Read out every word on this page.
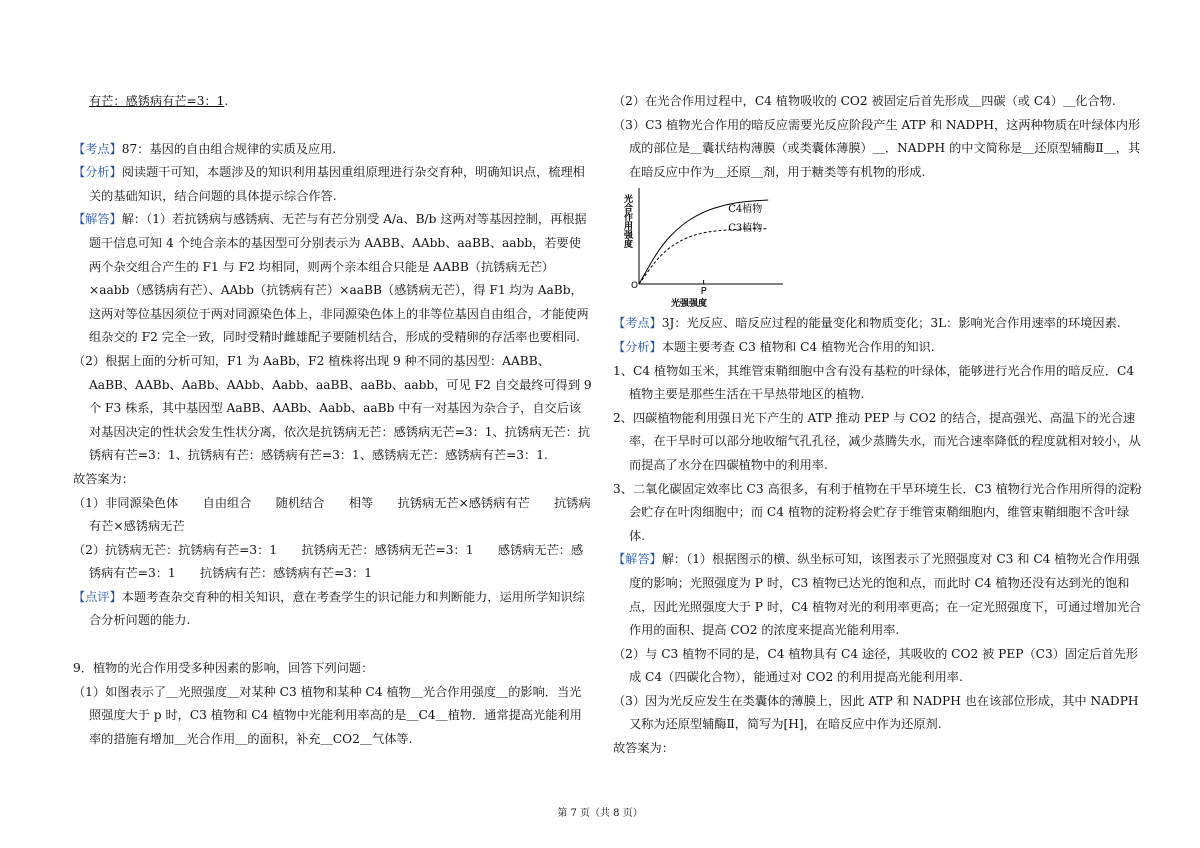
有芒：感锈病有芒=3：1.

【考点】87：基因的自由组合规律的实质及应用.

【分析】阅读题干可知，本题涉及的知识利用基因重组原理进行杂交育种，明确知识点，梳理相关的基础知识，结合问题的具体提示综合作答.

【解答】解：（1）若抗锈病与感锈病、无芒与有芒分别受 A/a、B/b 这两对等基因控制，再根据题干信息可知 4 个纯合亲本的基因型可分别表示为 AABB、AAbb、aaBB、aabb，若要使两个杂交组合产生的 F1 与 F2 均相同，则两个亲本组合只能是 AABB（抗锈病无芒）×aabb（感锈病有芒）、AAbb（抗锈病有芒）×aaBB（感锈病无芒），得 F1 均为 AaBb，这两对等位基因须位于两对同源染色体上，非同源染色体上的非等位基因自由组合，才能使两组杂交的 F2 完全一致，同时受精时雌雄配子要随机结合，形成的受精卵的存活率也要相同.

（2）根据上面的分析可知，F1 为 AaBb，F2 植株将出现 9 种不同的基因型：AABB、AaBB、AABb、AaBb、AAbb、Aabb、aaBB、aaBb、aabb，可见 F2 自交最终可得到 9 个 F3 株系，其中基因型 AaBB、AABb、Aabb、aaBb 中有一对基因为杂合子，自交后该对基因决定的性状会发生性状分离，依次是抗锈病无芒：感锈病无芒=3：1、抗锈病无芒：抗锈病有芒=3：1、抗锈病有芒：感锈病有芒=3：1、感锈病无芒：感锈病有芒=3：1.

故答案为：

（1）非同源染色体　　自由组合　　随机结合　　相等　　抗锈病无芒×感锈病有芒　　抗锈病有芒×感锈病无芒

（2）抗锈病无芒：抗锈病有芒=3：1　　抗锈病无芒：感锈病无芒=3：1　　感锈病无芒：感锈病有芒=3：1　　抗锈病有芒：感锈病有芒=3：1

【点评】本题考查杂交育种的相关知识，意在考查学生的识记能力和判断能力，运用所学知识综合分析问题的能力.

9．植物的光合作用受多种因素的影响，回答下列问题：

（1）如图表示了＿光照强度＿对某种 C3 植物和某种 C4 植物＿光合作用强度＿的影响．当光照强度大于 p 时，C3 植物和 C4 植物中光能利用率高的是＿C4＿植物．通常提高光能利用率的措施有增加＿光合作用＿的面积，补充＿CO2＿气体等.

（2）在光合作用过程中，C4 植物吸收的 CO2 被固定后首先形成＿四碳（或 C4）＿化合物.

（3）C3 植物光合作用的暗反应需要光反应阶段产生 ATP 和 NADPH，这两种物质在叶绿体内形成的部位是＿囊状结构薄膜（或类囊体薄膜）＿．NADPH 的中文简称是＿还原型辅酶Ⅱ＿，其在暗反应中作为＿还原＿剂，用于糖类等有机物的形成.

P
O
光强强度
光合作用强度	C4植物
C3植物

【考点】3J：光反应、暗反应过程的能量变化和物质变化；3L：影响光合作用速率的环境因素.

【分析】本题主要考查 C3 植物和 C4 植物光合作用的知识.

1、C4 植物如玉米，其维管束鞘细胞中含有没有基粒的叶绿体，能够进行光合作用的暗反应．C4 植物主要是那些生活在干旱热带地区的植物.

2、四碳植物能利用强日光下产生的 ATP 推动 PEP 与 CO2 的结合，提高强光、高温下的光合速率，在干旱时可以部分地收缩气孔孔径，减少蒸腾失水，而光合速率降低的程度就相对较小，从而提高了水分在四碳植物中的利用率.

3、二氧化碳固定效率比 C3 高很多，有利于植物在干旱环境生长．C3 植物行光合作用所得的淀粉会贮存在叶肉细胞中；而 C4 植物的淀粉将会贮存于维管束鞘细胞内，维管束鞘细胞不含叶绿体.

【解答】解：（1）根据图示的横、纵坐标可知，该图表示了光照强度对 C3 和 C4 植物光合作用强度的影响；光照强度为 P 时，C3 植物已达光的饱和点，而此时 C4 植物还没有达到光的饱和点，因此光照强度大于 P 时，C4 植物对光的利用率更高；在一定光照强度下，可通过增加光合作用的面积、提高 CO2 的浓度来提高光能利用率.

（2）与 C3 植物不同的是，C4 植物具有 C4 途径，其吸收的 CO2 被 PEP（C3）固定后首先形成 C4（四碳化合物），能通过对 CO2 的利用提高光能利用率.

（3）因为光反应发生在类囊体的薄膜上，因此 ATP 和 NADPH 也在该部位形成，其中 NADPH 又称为还原型辅酶Ⅱ，简写为[H]，在暗反应中作为还原剂.

故答案为：

第 7 页（共 8 页）
